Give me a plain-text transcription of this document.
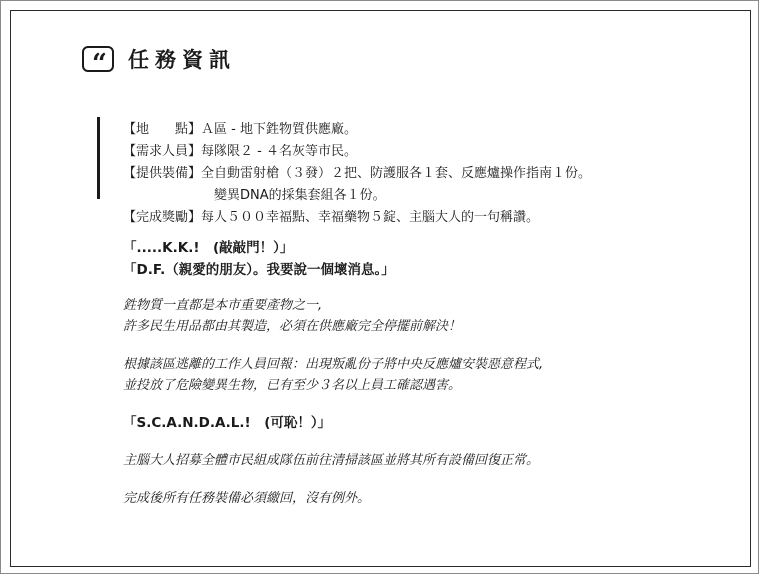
“ 任務資訊
【地　　點】 Ａ區 - 地下鉎物質供應廠。
【需求人員】 每隊限２ - ４名灰等市民。
【提供裝備】 全自動雷射槍（３發）２把、防護服各１套、反應爐操作指南１份。
變異DNA的採集套組各１份。
【完成獎勵】 每人５００幸福點、幸福藥物５錠、主腦大人的一句稱讚。
「.....K.K.!　(敲敲門！）」
「D.F.（親愛的朋友）。我要說一個壞消息。」
鉎物質一直都是本市重要產物之一,
許多民生用品都由其製造，必須在供應廠完全停擺前解決！
根據該區逃離的工作人員回報：出現叛亂份子將中央反應爐安裝惡意程式,
並投放了危險變異生物，已有至少３名以上員工確認遇害。
「S.C.A.N.D.A.L.!　(可恥！）」
主腦大人招募全體市民組成隊伍前往清掃該區並將其所有設備回復正常。
完成後所有任務裝備必須繳回，沒有例外。
